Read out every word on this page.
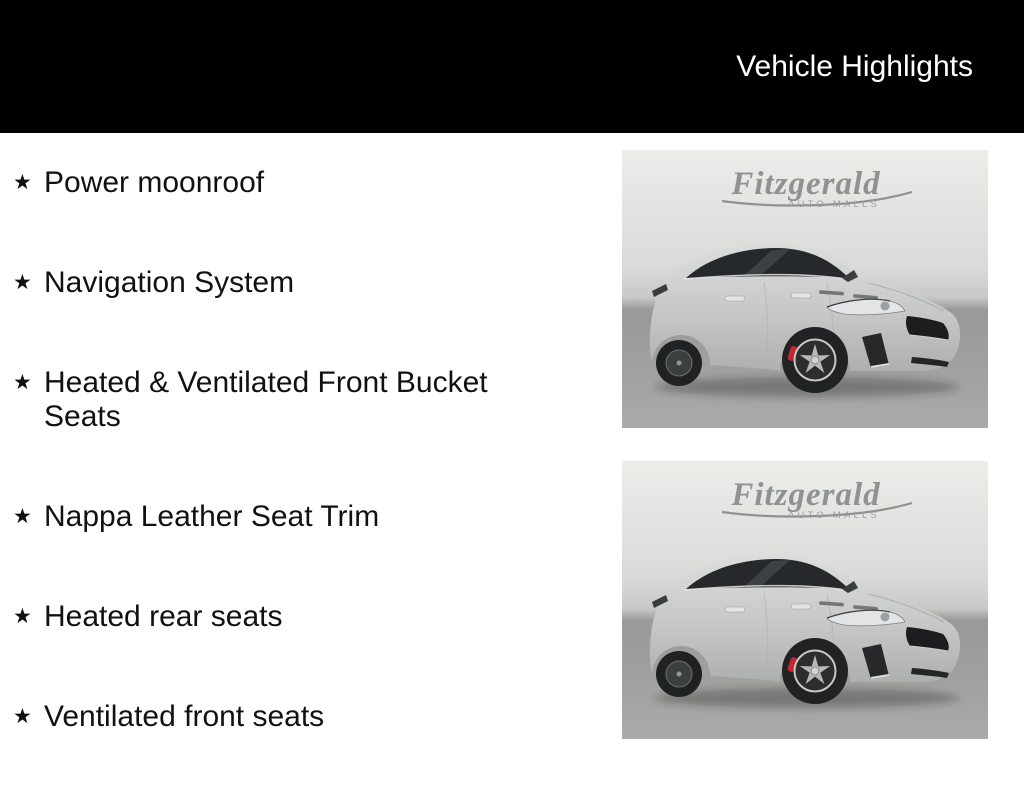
Vehicle Highlights
★ Power moonroof
★ Navigation System
★ Heated & Ventilated Front Bucket Seats
★ Nappa Leather Seat Trim
★ Heated rear seats
★ Ventilated front seats
Fitzgerald
AUTO MALLS
Fitzgerald
AUTO MALLS
